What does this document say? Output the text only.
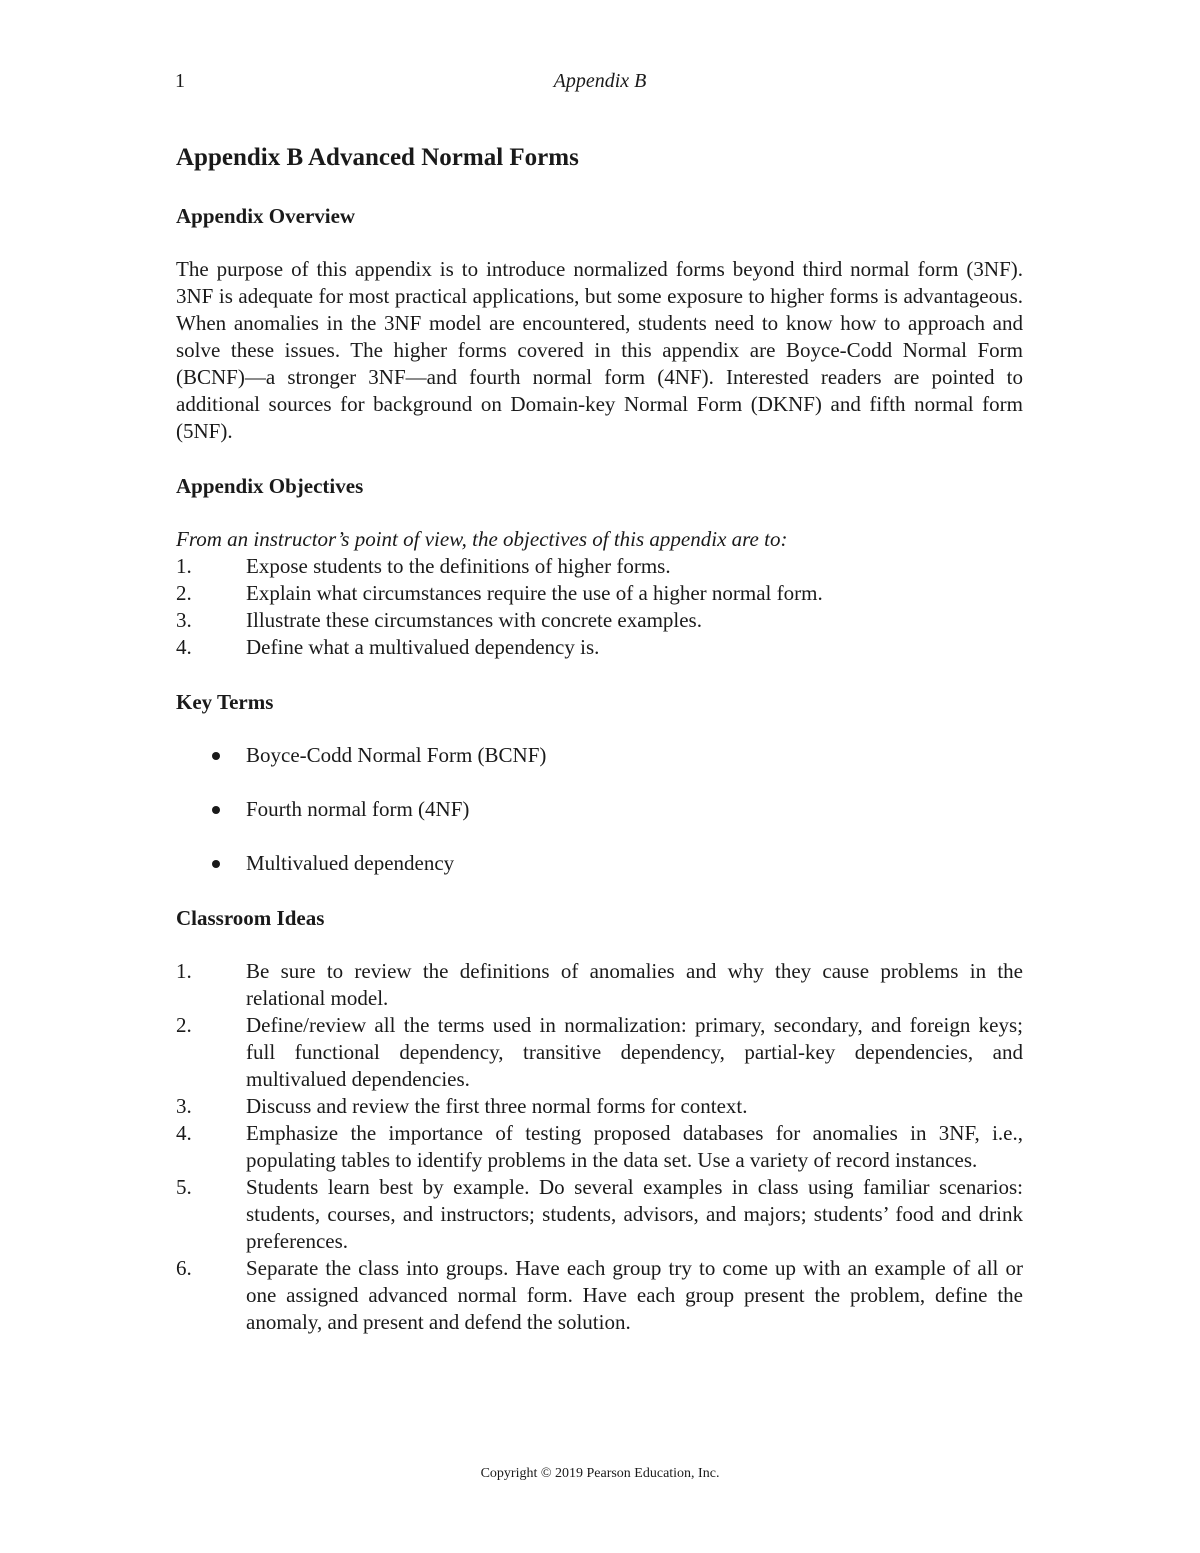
1	Appendix B
Appendix B Advanced Normal Forms
Appendix Overview

The purpose of this appendix is to introduce normalized forms beyond third normal form (3NF). 3NF is adequate for most practical applications, but some exposure to higher forms is advantageous. When anomalies in the 3NF model are encountered, students need to know how to approach and solve these issues. The higher forms covered in this appendix are Boyce-Codd Normal Form (BCNF)—a stronger 3NF—and fourth normal form (4NF). Interested readers are pointed to additional sources for background on Domain-key Normal Form (DKNF) and fifth normal form (5NF).

Appendix Objectives

From an instructor’s point of view, the objectives of this appendix are to:

1.	Expose students to the definitions of higher forms.
2.	Explain what circumstances require the use of a higher normal form.
3.	Illustrate these circumstances with concrete examples.
4.	Define what a multivalued dependency is.
Key Terms
Boyce-Codd Normal Form (BCNF)
Fourth normal form (4NF)
Multivalued dependency
Classroom Ideas
1.	Be sure to review the definitions of anomalies and why they cause problems in the relational model.
2.	Define/review all the terms used in normalization: primary, secondary, and foreign keys; full functional dependency, transitive dependency, partial-key dependencies, and multivalued dependencies.
3.	Discuss and review the first three normal forms for context.
4.	Emphasize the importance of testing proposed databases for anomalies in 3NF, i.e., populating tables to identify problems in the data set. Use a variety of record instances.
5.	Students learn best by example. Do several examples in class using familiar scenarios: students, courses, and instructors; students, advisors, and majors; students’ food and drink preferences.
6.	Separate the class into groups. Have each group try to come up with an example of all or one assigned advanced normal form. Have each group present the problem, define the anomaly, and present and defend the solution.
Copyright © 2019 Pearson Education, Inc.
